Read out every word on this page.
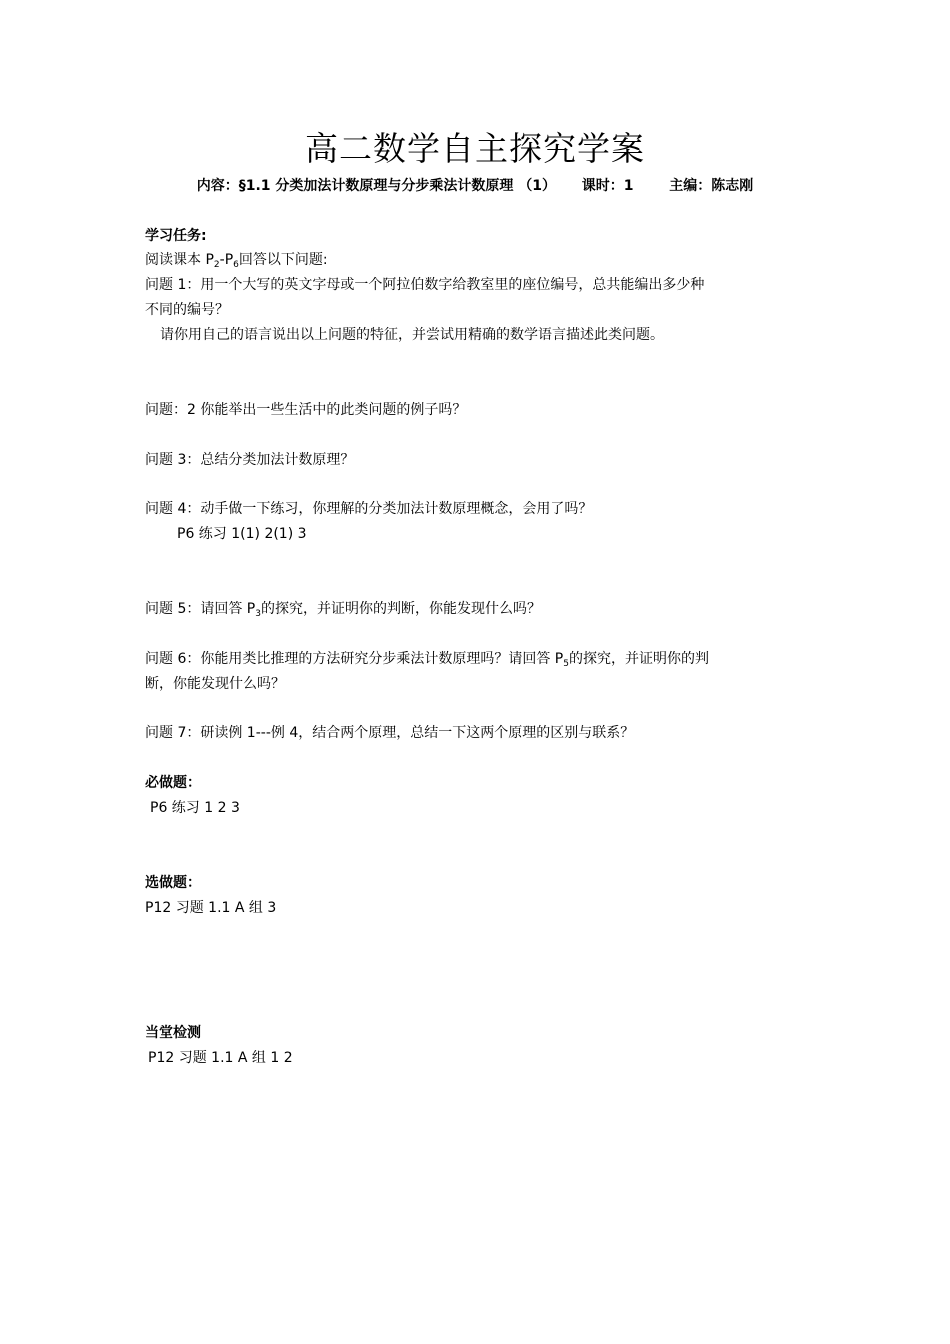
高二数学自主探究学案
内容：§1.1 分类加法计数原理与分步乘法计数原理 （1） 课时：1	主编：陈志刚
学习任务:
阅读课本 $P_2-P_6$回答以下问题:
问题 1：用一个大写的英文字母或一个阿拉伯数字给教室里的座位编号，总共能编出多少种
不同的编号？
请你用自己的语言说出以上问题的特征，并尝试用精确的数学语言描述此类问题。
问题：2 你能举出一些生活中的此类问题的例子吗？
问题 3：总结分类加法计数原理？
问题 4：动手做一下练习，你理解的分类加法计数原理概念，会用了吗？
P6 练习 1(1) 2(1) 3
问题 5：请回答 $P_3$的探究，并证明你的判断，你能发现什么吗？
问题 6：你能用类比推理的方法研究分步乘法计数原理吗？请回答 $P_5$的探究，并证明你的判
断，你能发现什么吗？
问题 7：研读例 1---例 4，结合两个原理，总结一下这两个原理的区别与联系？
必做题：
P6 练习 1 2 3
选做题：
P12 习题 1.1 A 组 3
当堂检测
P12 习题 1.1 A 组 1 2
